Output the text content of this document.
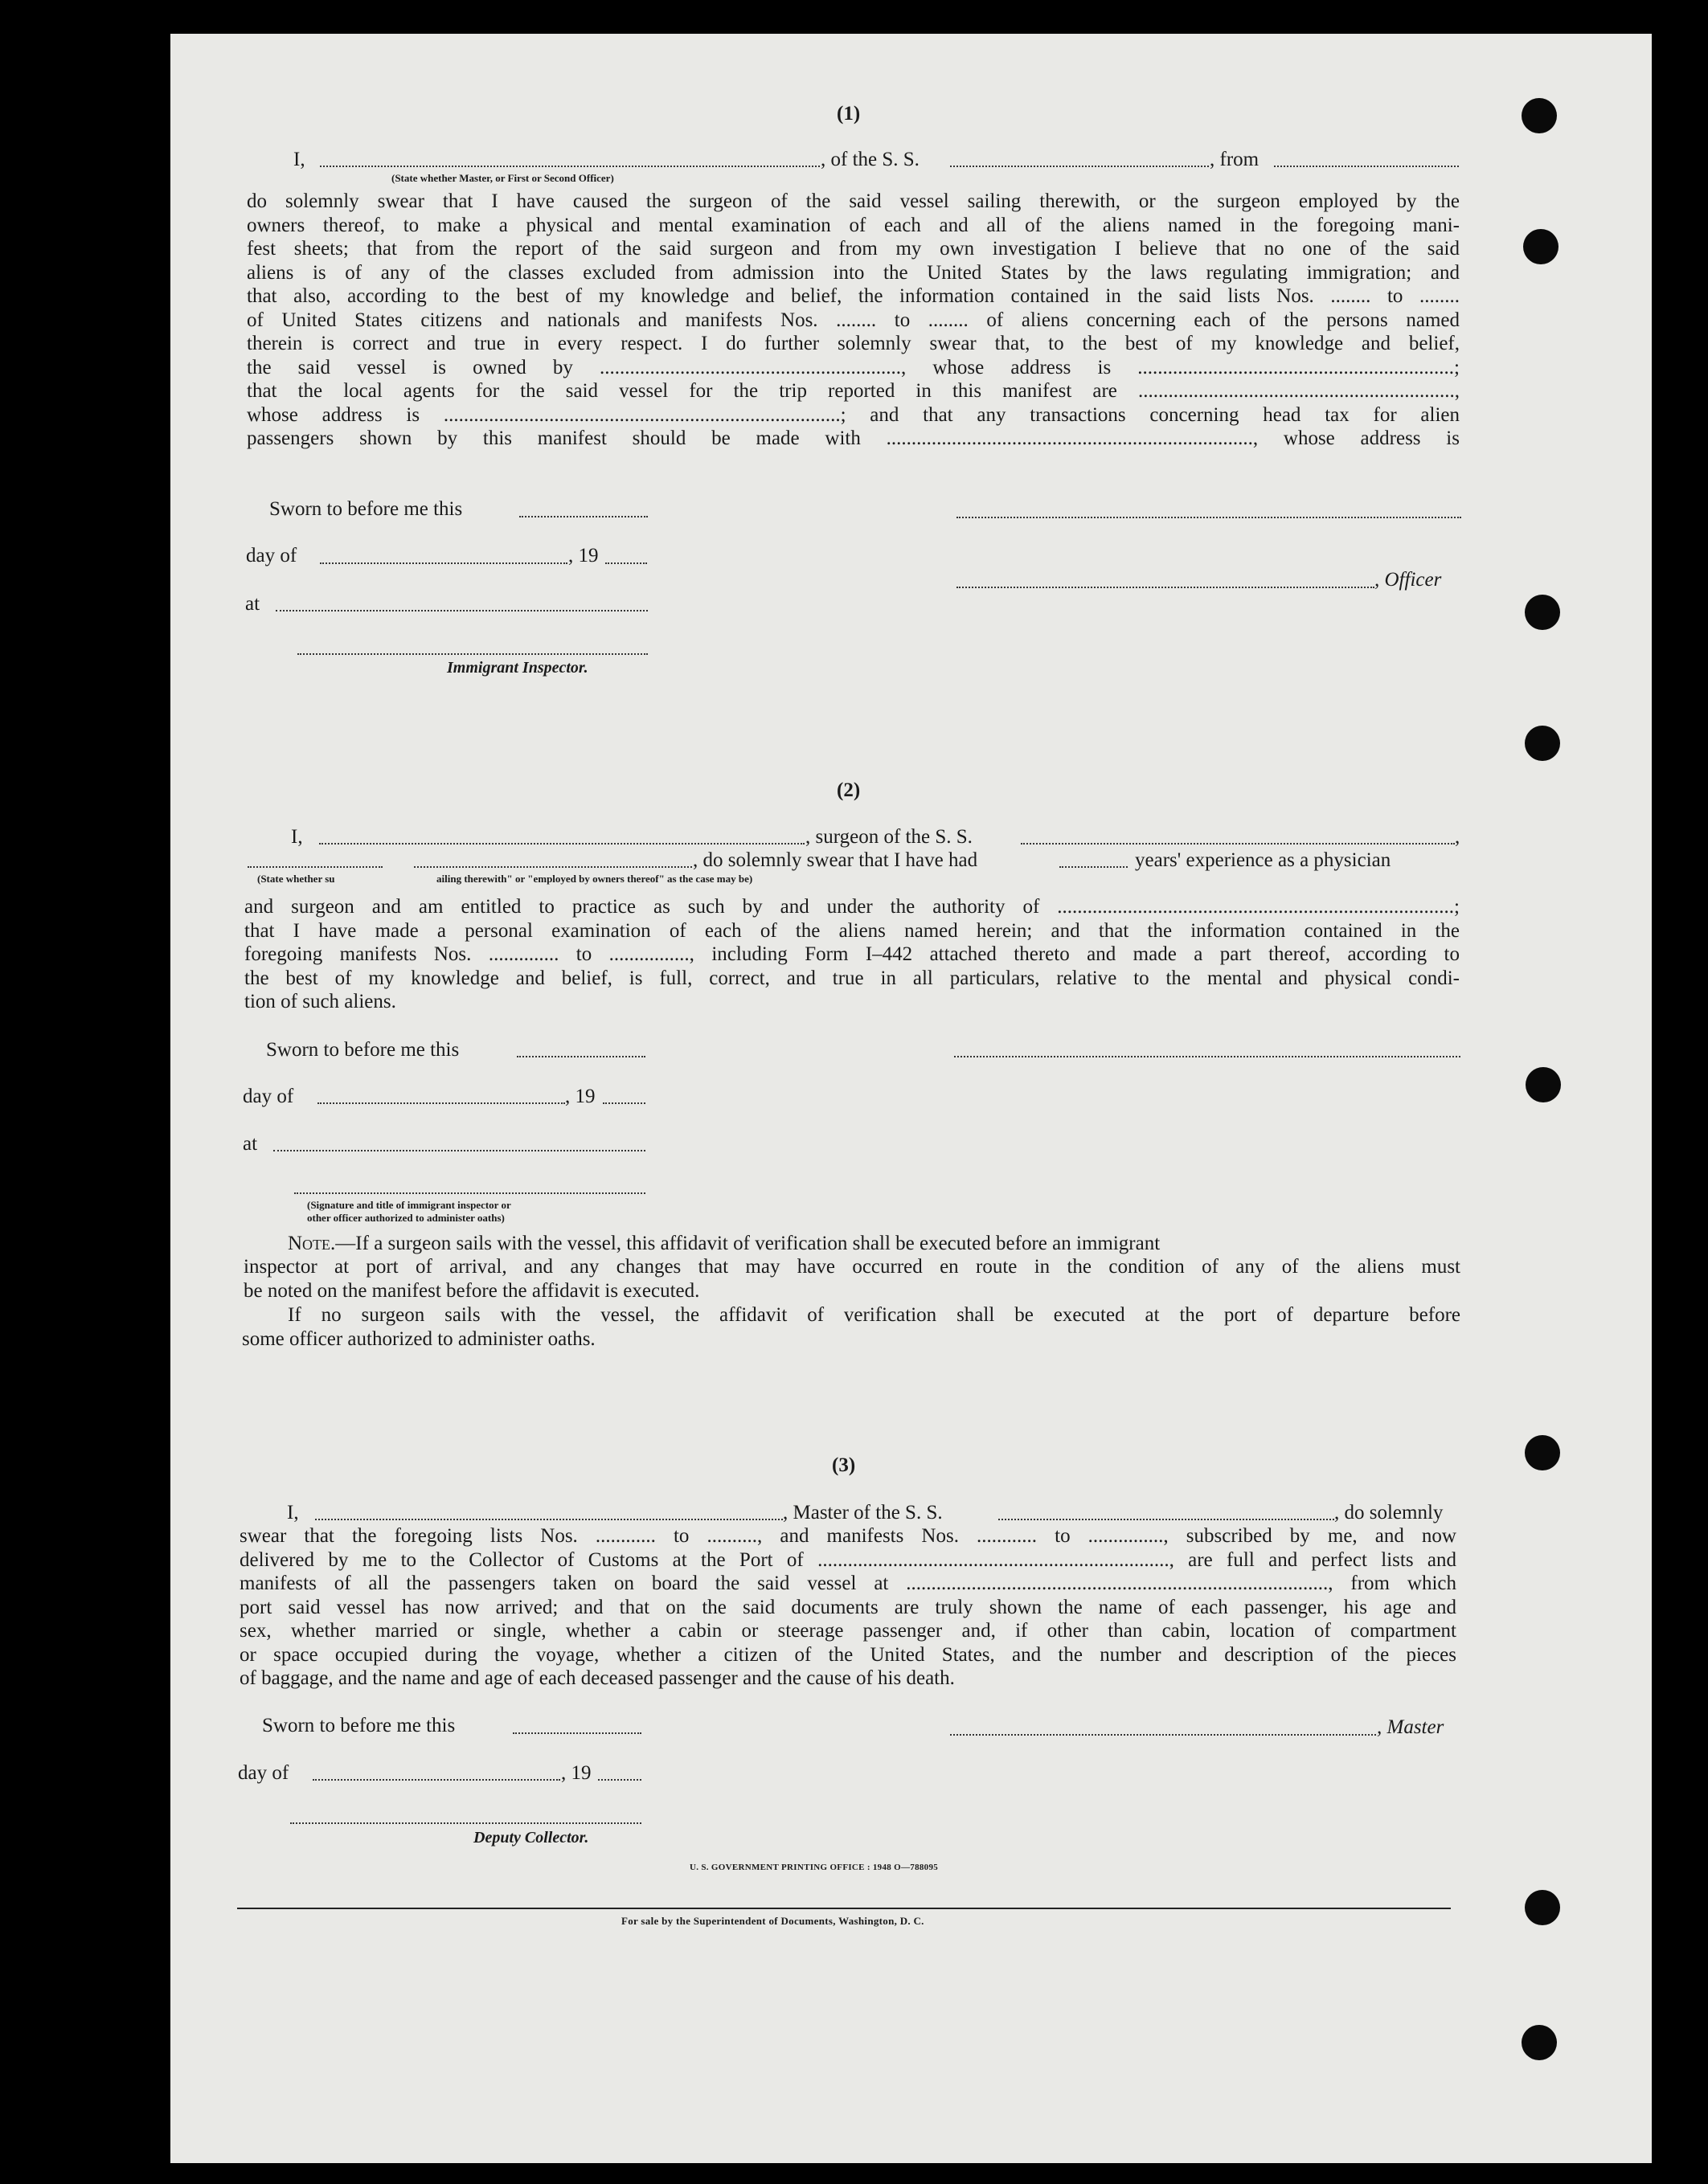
(1)
I,	, of the S. S.	, from
(State whether Master, or First or Second Officer)
do solemnly swear that I have caused the surgeon of the said vessel sailing therewith, or the surgeon employed by the
owners thereof, to make a physical and mental examination of each and all of the aliens named in the foregoing mani-
fest sheets; that from the report of the said surgeon and from my own investigation I believe that no one of the said
aliens is of any of the classes excluded from admission into the United States by the laws regulating immigration; and
that also, according to the best of my knowledge and belief, the information contained in the said lists Nos. ........ to ........
of United States citizens and nationals and manifests Nos. ........ to ........ of aliens concerning each of the persons named
therein is correct and true in every respect. I do further solemnly swear that, to the best of my knowledge and belief,
the said vessel is owned by ............................................................, whose address is ...............................................................;
that the local agents for the said vessel for the trip reported in this manifest are ...............................................................,
whose address is ...............................................................................; and that any transactions concerning head tax for alien
passengers shown by this manifest should be made with ........................................................................., whose address is
Sworn to before me this
day of	, 19
, Officer
at
Immigrant Inspector.
(2)
I,	, surgeon of the S. S.	,
, do solemnly swear that I have had	years' experience as a physician
(State whether su	ailing therewith" or "employed by owners thereof" as the case may be)
and surgeon and am entitled to practice as such by and under the authority of ...............................................................................;
that I have made a personal examination of each of the aliens named herein; and that the information contained in the
foregoing manifests Nos. .............. to ................, including Form I–442 attached thereto and made a part thereof, according to
the best of my knowledge and belief, is full, correct, and true in all particulars, relative to the mental and physical condi-
tion of such aliens.
Sworn to before me this
day of	, 19
at
(Signature and title of immigrant inspector or
other officer authorized to administer oaths)
Note.—If a surgeon sails with the vessel, this affidavit of verification shall be executed before an immigrant
inspector at port of arrival, and any changes that may have occurred en route in the condition of any of the aliens must
be noted on the manifest before the affidavit is executed.
If no surgeon sails with the vessel, the affidavit of verification shall be executed at the port of departure before
some officer authorized to administer oaths.
(3)
I,	, Master of the S. S.	, do solemnly
swear that the foregoing lists Nos. ............ to .........., and manifests Nos. ............ to ..............., subscribed by me, and now
delivered by me to the Collector of Customs at the Port of ......................................................................, are full and perfect lists and
manifests of all the passengers taken on board the said vessel at ...................................................................................., from which
port said vessel has now arrived; and that on the said documents are truly shown the name of each passenger, his age and
sex, whether married or single, whether a cabin or steerage passenger and, if other than cabin, location of compartment
or space occupied during the voyage, whether a citizen of the United States, and the number and description of the pieces
of baggage, and the name and age of each deceased passenger and the cause of his death.
Sworn to before me this	, Master
day of	, 19
Deputy Collector.
U. S. GOVERNMENT PRINTING OFFICE : 1948 O—788095
For sale by the Superintendent of Documents, Washington, D. C.
